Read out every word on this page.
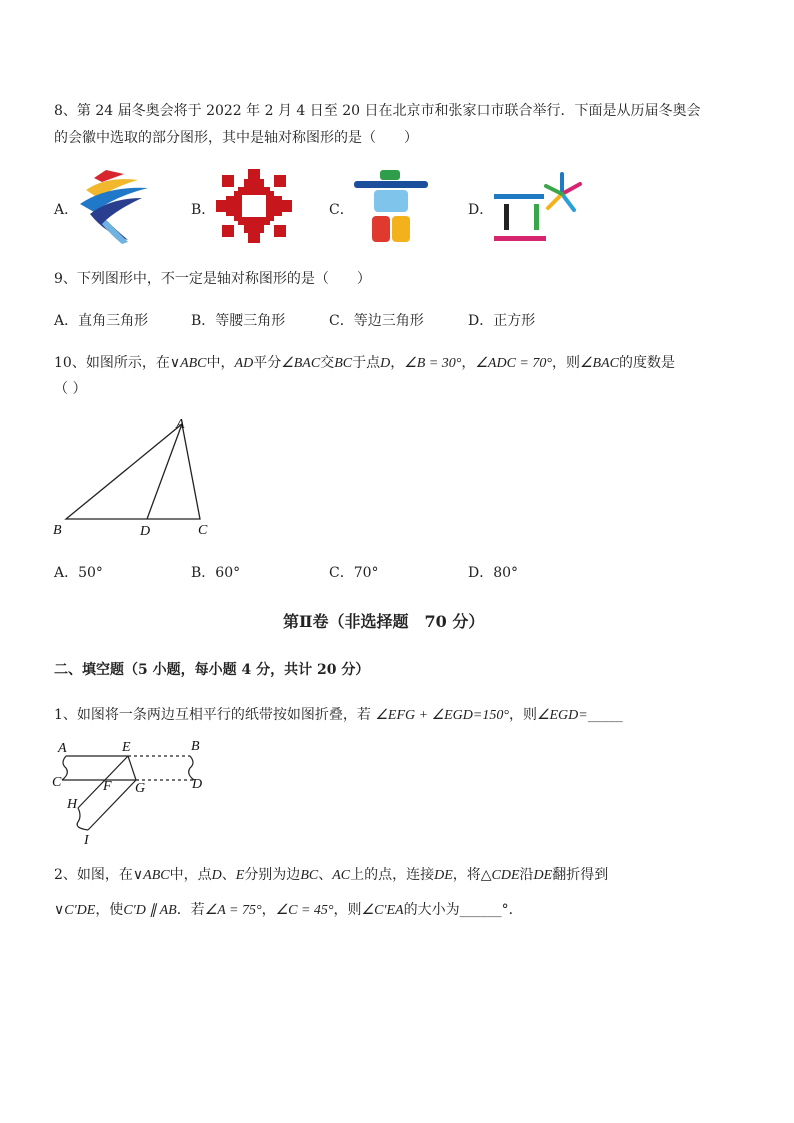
8、第 24 届冬奥会将于 2022 年 2 月 4 日至 20 日在北京市和张家口市联合举行．下面是从历届冬奥会
的会徽中选取的部分图形，其中是轴对称图形的是（　　）
A．	B．	C．	D．
9、下列图形中，不一定是轴对称图形的是（　　）
A．直角三角形	B．等腰三角形	C．等边三角形	D．正方形
10、如图所示，在∨ABC中，AD平分∠BAC交BC于点D，∠B = 30°，∠ADC = 70°，则∠BAC的度数是
（ ）
A
B	D	C
A．50°	B．60°	C．70°	D．80°
第Ⅱ卷（非选择题　70 分）
二、填空题（5 小题，每小题 4 分，共计 20 分）
1、如图将一条两边互相平行的纸带按如图折叠，若 ∠EFG + ∠EGD=150°，则∠EGD=_____
A	E	B
C	F G	D
H
I
2、如图，在∨ABC中，点D、E分别为边BC、AC上的点，连接DE，将△CDE沿DE翻折得到
∨C′DE，使C′D ∥ AB．若∠A = 75°，∠C = 45°，则∠C′EA的大小为______°．
